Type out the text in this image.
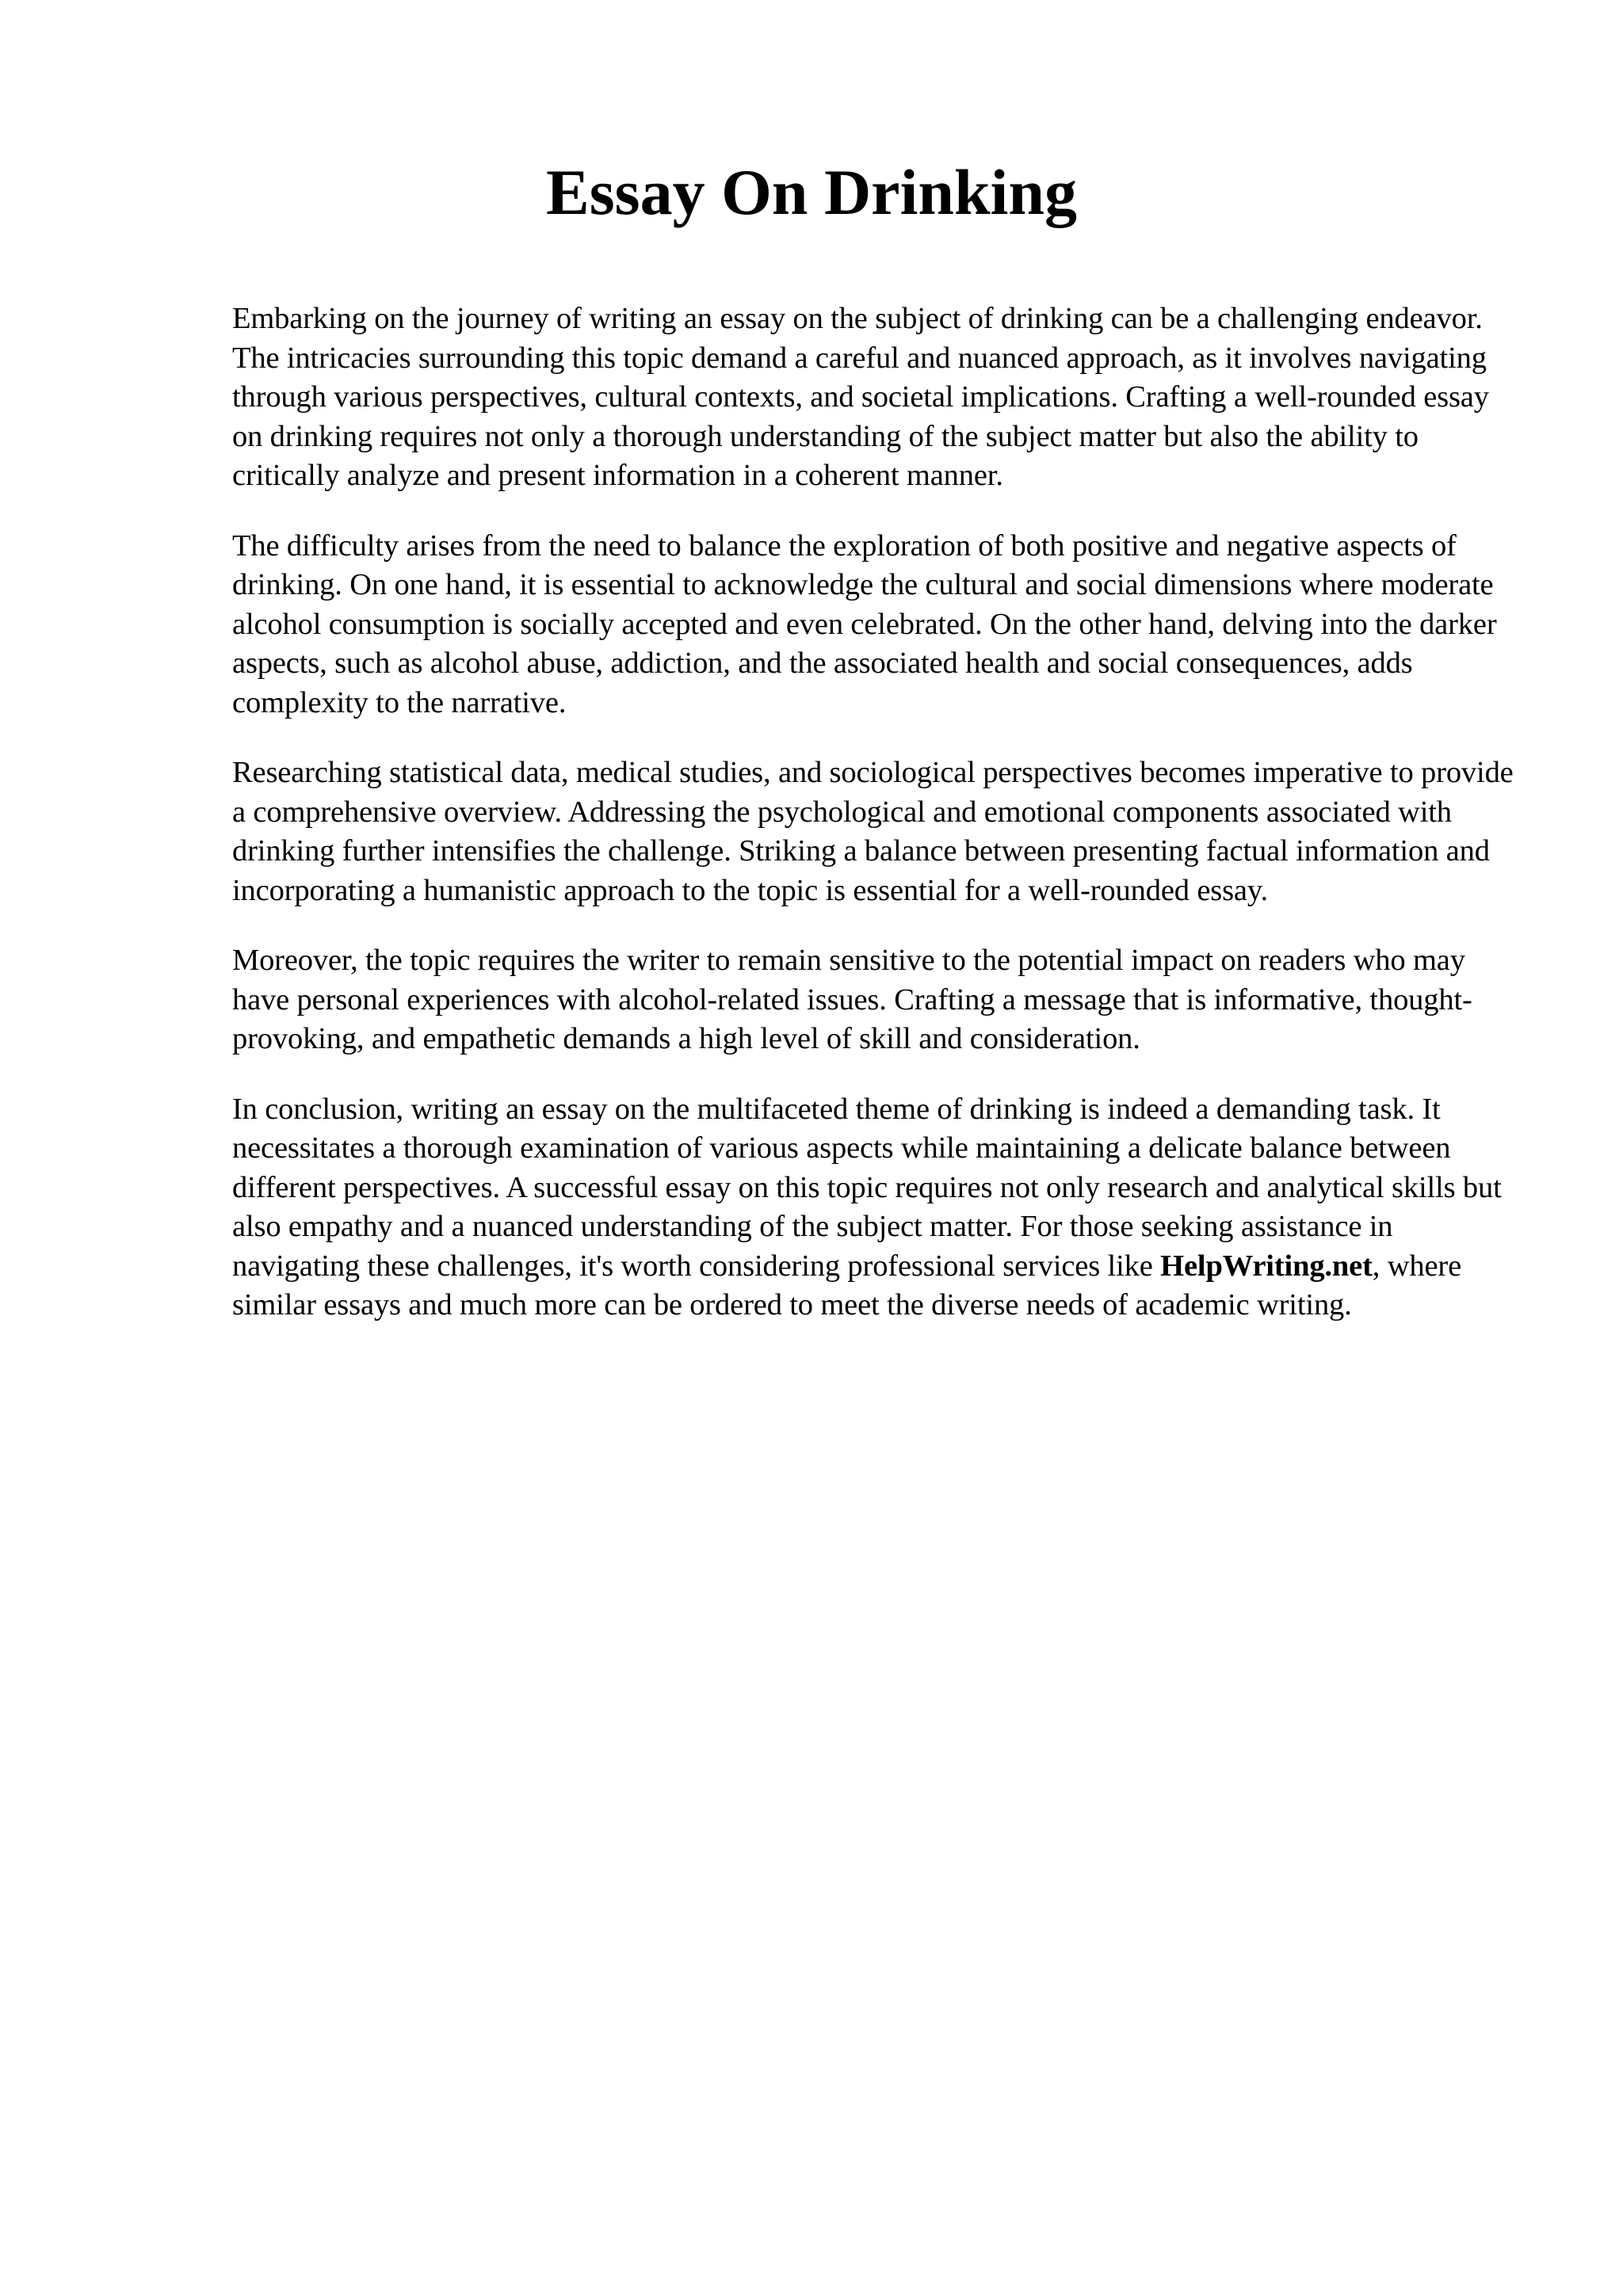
Essay On Drinking

Embarking on the journey of writing an essay on the subject of drinking can be a challenging endeavor. The intricacies surrounding this topic demand a careful and nuanced approach, as it involves navigating through various perspectives, cultural contexts, and societal implications. Crafting a well-rounded essay on drinking requires not only a thorough understanding of the subject matter but also the ability to critically analyze and present information in a coherent manner.

The difficulty arises from the need to balance the exploration of both positive and negative aspects of drinking. On one hand, it is essential to acknowledge the cultural and social dimensions where moderate alcohol consumption is socially accepted and even celebrated. On the other hand, delving into the darker aspects, such as alcohol abuse, addiction, and the associated health and social consequences, adds complexity to the narrative.

Researching statistical data, medical studies, and sociological perspectives becomes imperative to provide a comprehensive overview. Addressing the psychological and emotional components associated with drinking further intensifies the challenge. Striking a balance between presenting factual information and incorporating a humanistic approach to the topic is essential for a well-rounded essay.

Moreover, the topic requires the writer to remain sensitive to the potential impact on readers who may have personal experiences with alcohol-related issues. Crafting a message that is informative, thought-provoking, and empathetic demands a high level of skill and consideration.

In conclusion, writing an essay on the multifaceted theme of drinking is indeed a demanding task. It necessitates a thorough examination of various aspects while maintaining a delicate balance between different perspectives. A successful essay on this topic requires not only research and analytical skills but also empathy and a nuanced understanding of the subject matter. For those seeking assistance in navigating these challenges, it's worth considering professional services like HelpWriting.net, where similar essays and much more can be ordered to meet the diverse needs of academic writing.
